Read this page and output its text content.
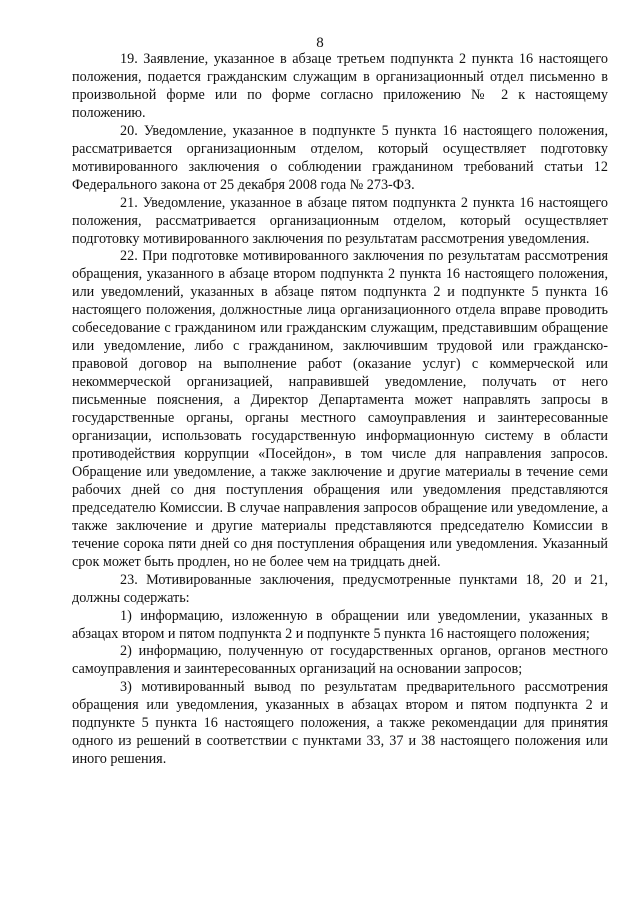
8

19. Заявление, указанное в абзаце третьем подпункта 2 пункта 16 настоящего положения, подается гражданским служащим в организационный отдел письменно в произвольной форме или по форме согласно приложению № 2 к настоящему положению.

20. Уведомление, указанное в подпункте 5 пункта 16 настоящего положения, рассматривается организационным отделом, который осуществляет подготовку мотивированного заключения о соблюдении гражданином требований статьи 12 Федерального закона от 25 декабря 2008 года № 273-ФЗ.

21. Уведомление, указанное в абзаце пятом подпункта 2 пункта 16 настоящего положения, рассматривается организационным отделом, который осуществляет подготовку мотивированного заключения по результатам рассмотрения уведомления.

22. При подготовке мотивированного заключения по результатам рассмотрения обращения, указанного в абзаце втором подпункта 2 пункта 16 настоящего положения, или уведомлений, указанных в абзаце пятом подпункта 2 и подпункте 5 пункта 16 настоящего положения, должностные лица организационного отдела вправе проводить собеседование с гражданином или гражданским служащим, представившим обращение или уведомление, либо с гражданином, заключившим трудовой или гражданско-правовой договор на выполнение работ (оказание услуг) с коммерческой или некоммерческой организацией, направившей уведомление, получать от него письменные пояснения, а Директор Департамента может направлять запросы в государственные органы, органы местного самоуправления и заинтересованные организации, использовать государственную информационную систему в области противодействия коррупции «Посейдон», в том числе для направления запросов. Обращение или уведомление, а также заключение и другие материалы в течение семи рабочих дней со дня поступления обращения или уведомления представляются председателю Комиссии. В случае направления запросов обращение или уведомление, а также заключение и другие материалы представляются председателю Комиссии в течение сорока пяти дней со дня поступления обращения или уведомления. Указанный срок может быть продлен, но не более чем на тридцать дней.

23. Мотивированные заключения, предусмотренные пунктами 18, 20 и 21, должны содержать:

1) информацию, изложенную в обращении или уведомлении, указанных в абзацах втором и пятом подпункта 2 и подпункте 5 пункта 16 настоящего положения;

2) информацию, полученную от государственных органов, органов местного самоуправления и заинтересованных организаций на основании запросов;

3) мотивированный вывод по результатам предварительного рассмотрения обращения или уведомления, указанных в абзацах втором и пятом подпункта 2 и подпункте 5 пункта 16 настоящего положения, а также рекомендации для принятия одного из решений в соответствии с пунктами 33, 37 и 38 настоящего положения или иного решения.
